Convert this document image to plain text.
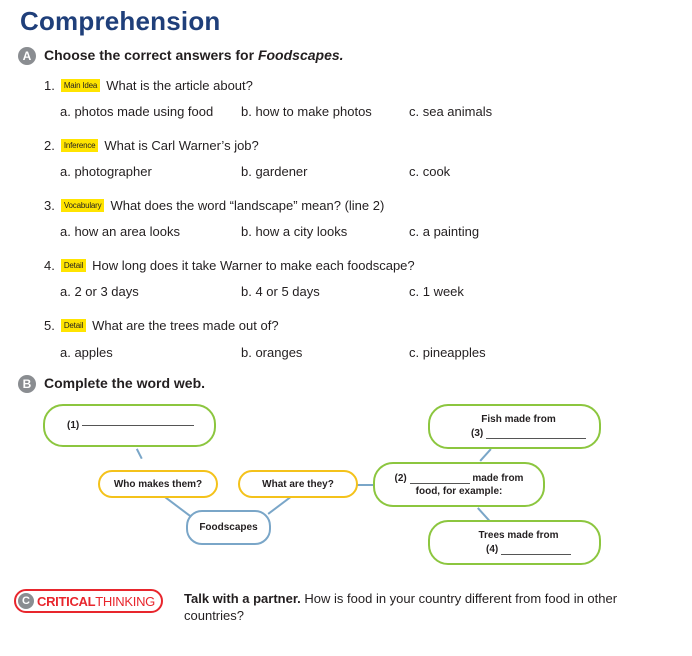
Comprehension
A Choose the correct answers for Foodscapes.
1. Main Idea What is the article about?
a. photos made using food b. how to make photos	c. sea animals
2. Inference What is Carl Warner’s job?
a. photographer	b. gardener	c. cook
3. Vocabulary What does the word “landscape” mean? (line 2)
a. how an area looks	b. how a city looks	c. a painting
4. Detail How long does it take Warner to make each foodscape?
a. 2 or 3 days	b. 4 or 5 days	c. 1 week
5. Detail What are the trees made out of?
a. apples	b. oranges	c. pineapples
B Complete the word web.
(1)

Fish made from
(3)
Who makes them?	What are they?
(2)	made from
food, for example:
Foodscapes
Trees made from
(4)
C CRITICALTHINKING Talk with a partner. How is food in your country different from food in other countries?
